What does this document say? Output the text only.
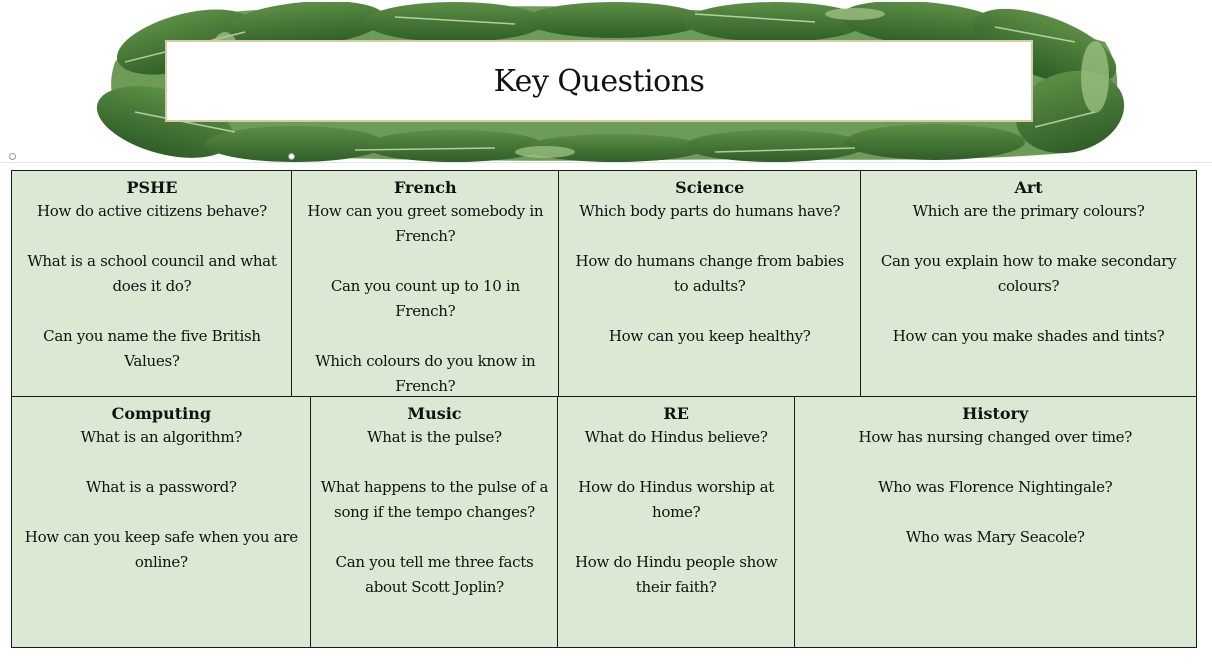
Key Questions
PSHE

How do active citizens behave?

What is a school council and what does it do?

Can you name the five British Values?

French

How can you greet somebody in French?

Can you count up to 10 in French?

Which colours do you know in French?

Science

Which body parts do humans have?

How do humans change from babies to adults?

How can you keep healthy?

Art

Which are the primary colours?

Can you explain how to make secondary colours?

How can you make shades and tints?

Computing

What is an algorithm?

What is a password?

How can you keep safe when you are online?

Music

What is the pulse?

What happens to the pulse of a song if the tempo changes?

Can you tell me three facts about Scott Joplin?

RE

What do Hindus believe?

How do Hindus worship at home?

How do Hindu people show their faith?

History

How has nursing changed over time?

Who was Florence Nightingale?

Who was Mary Seacole?
